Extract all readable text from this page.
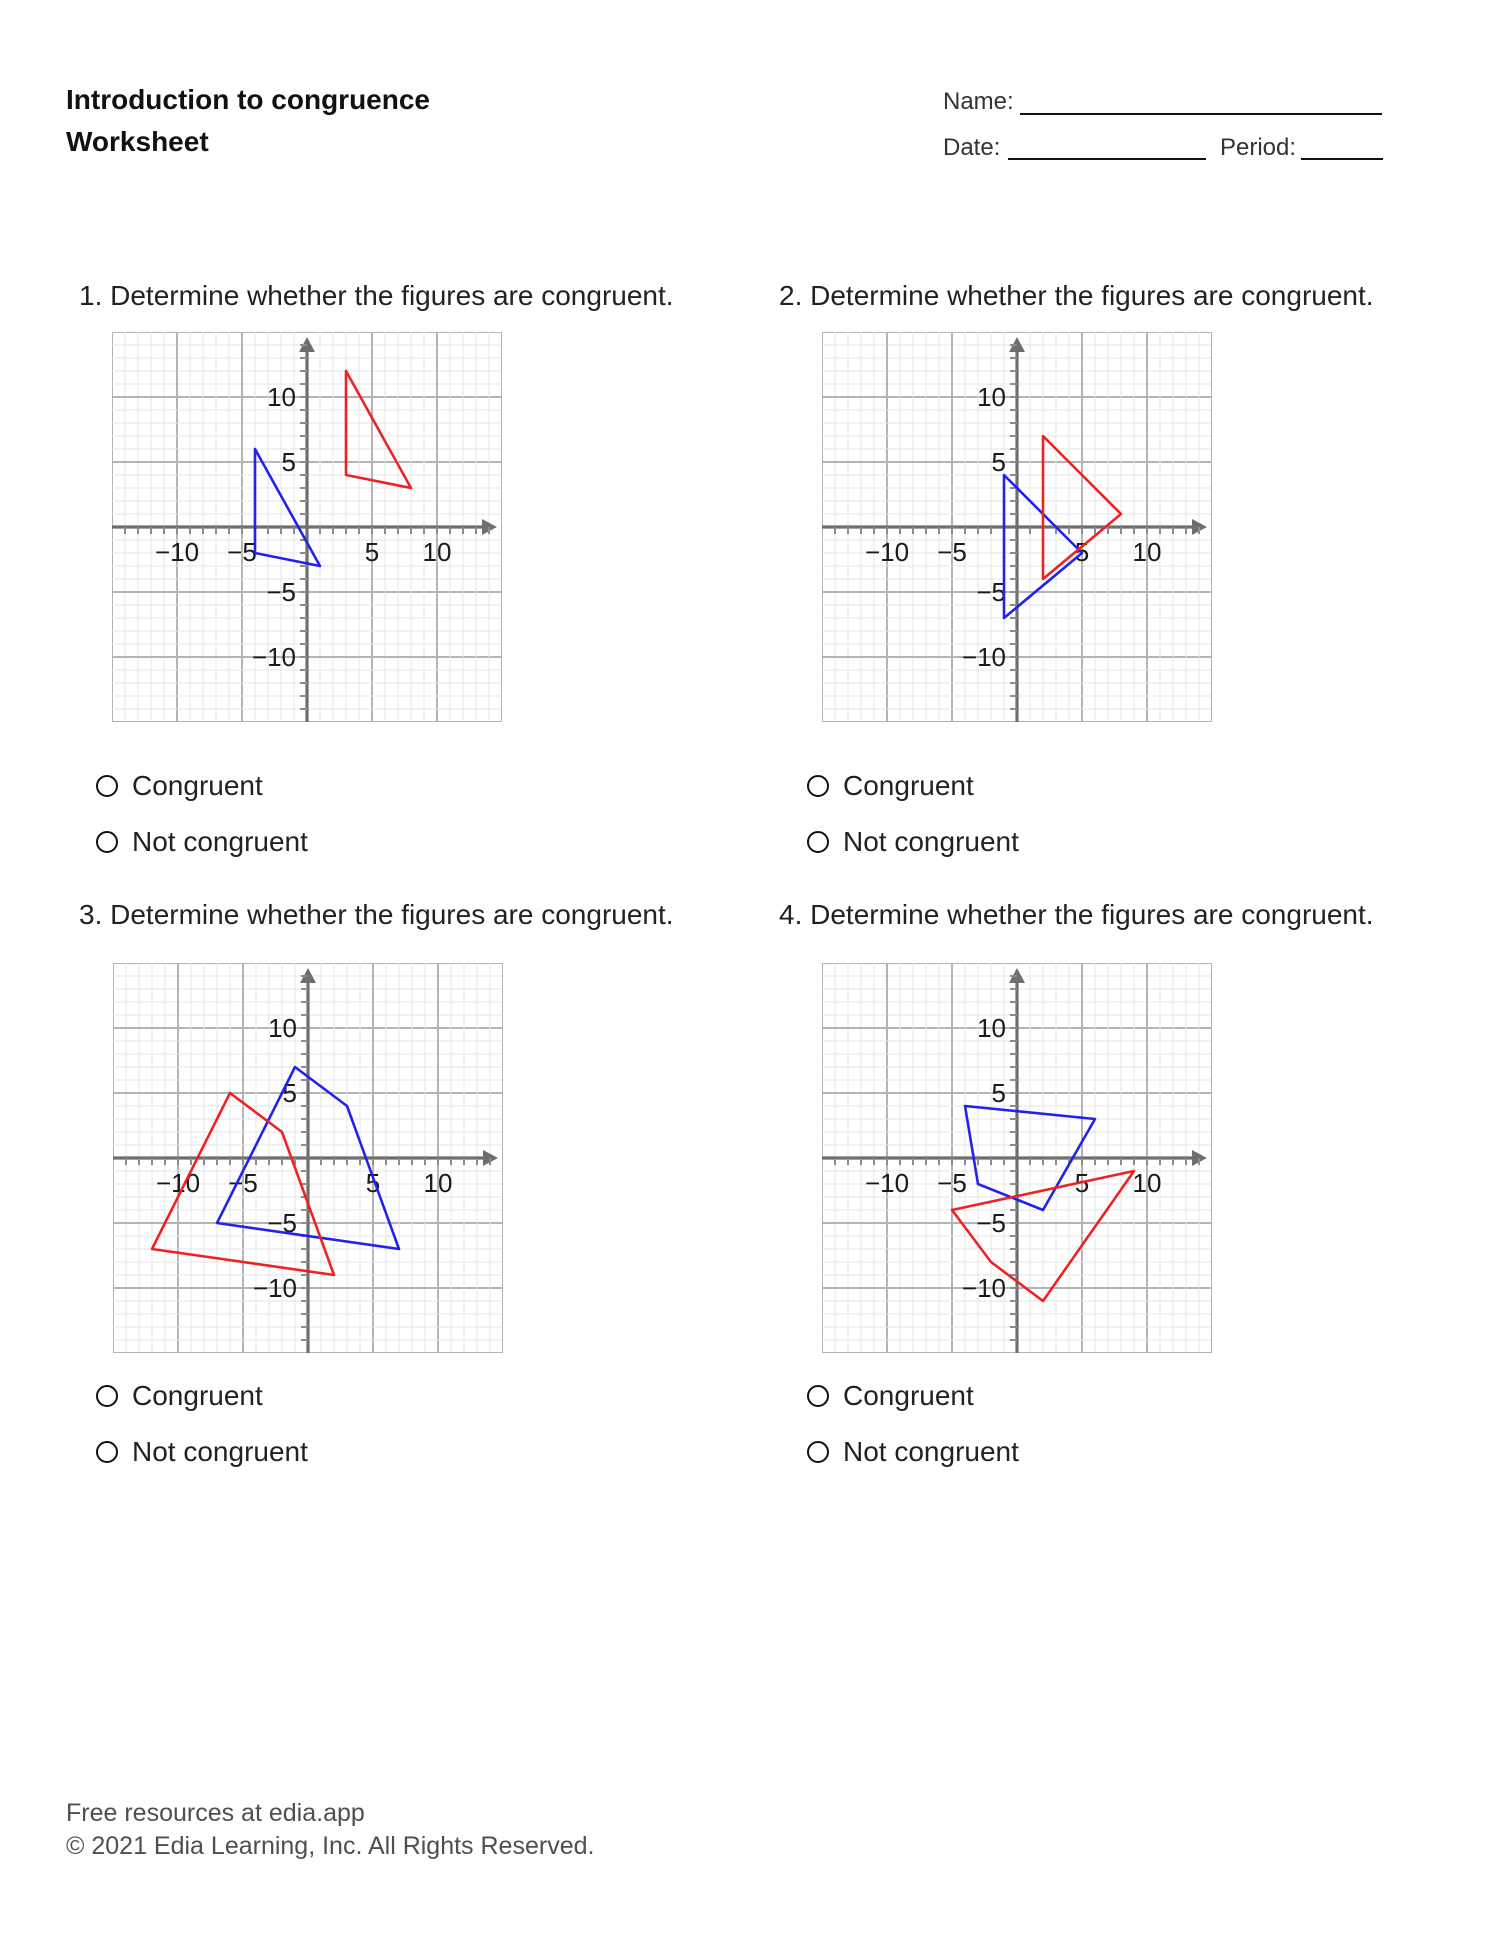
Introduction to congruence
Worksheet
Name:
Date:	Period:
1. Determine whether the figures are congruent.
−10 −5	5 10
10
5
−5
−10
Congruent
Not congruent
2. Determine whether the figures are congruent.
−10 −5	5 10
10
5
−5
−10
Congruent
Not congruent
3. Determine whether the figures are congruent.
−10 −5	5 10
10
5
−5
−10
Congruent
Not congruent
4. Determine whether the figures are congruent.
−10 −5	5 10
10
5
−5
−10
Congruent
Not congruent
Free resources at edia.app
© 2021 Edia Learning, Inc. All Rights Reserved.
